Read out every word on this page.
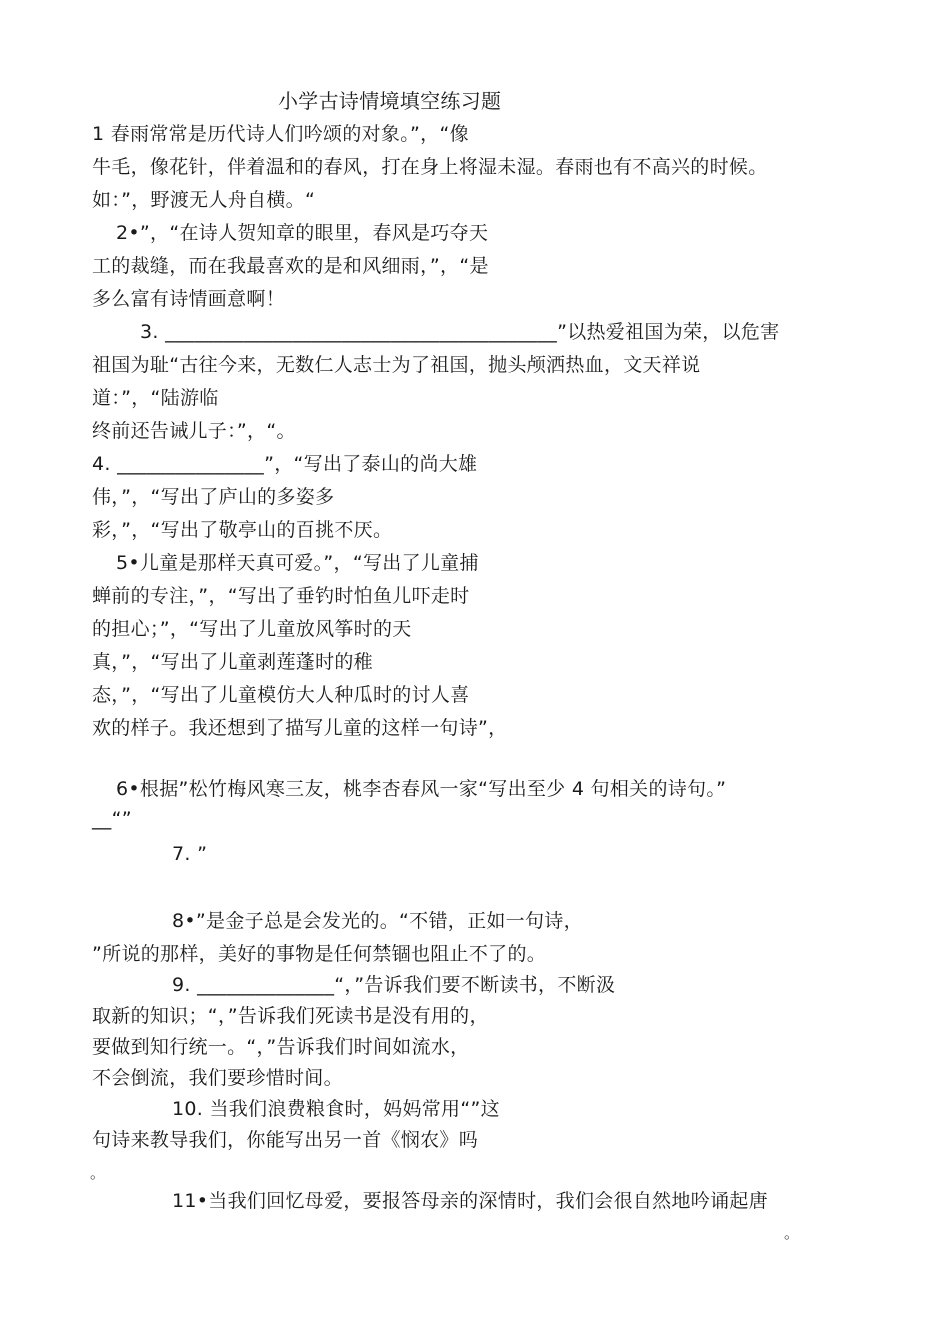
小学古诗情境填空练习题
1 春雨常常是历代诗人们吟颂的对象。”，“像
牛毛，像花针，伴着温和的春风，打在身上将湿未湿。春雨也有不高兴的时候。
如：”，野渡无人舟自横。“
2•”，“在诗人贺知章的眼里，春风是巧夺天
工的裁缝，而在我最喜欢的是和风细雨，”，“是
多么富有诗情画意啊！
3. ________________________________________”以热爱祖国为荣，以危害
祖国为耻“古往今来，无数仁人志士为了祖国，抛头颅洒热血，文天祥说
道：”，“陆游临
终前还告诫儿子：”，“。
4. _______________”，“写出了泰山的尚大雄
伟，”，“写出了庐山的多姿多
彩，”，“写出了敬亭山的百挑不厌。
5•儿童是那样天真可爱。”，“写出了儿童捕
蝉前的专注，”，“写出了垂钓时怕鱼儿吓走时
的担心；”，“写出了儿童放风筝时的天
真，”，“写出了儿童剥莲蓬时的稚
态，”，“写出了儿童模仿大人种瓜时的讨人喜
欢的样子。我还想到了描写儿童的这样一句诗”，
6•根据”松竹梅风寒三友，桃李杏春风一家“写出至少 4 句相关的诗句。”
__“”
7. ”
8•”是金子总是会发光的。“不错，正如一句诗，
”所说的那样，美好的事物是任何禁锢也阻止不了的。
9. ______________“，”告诉我们要不断读书，不断汲
取新的知识；“，”告诉我们死读书是没有用的，
要做到知行统一。“，”告诉我们时间如流水，
不会倒流，我们要珍惜时间。
10. 当我们浪费粮食时，妈妈常用“”这
句诗来教导我们，你能写出另一首《悯农》吗
。
11•当我们回忆母爱，要报答母亲的深情时，我们会很自然地吟诵起唐
。
